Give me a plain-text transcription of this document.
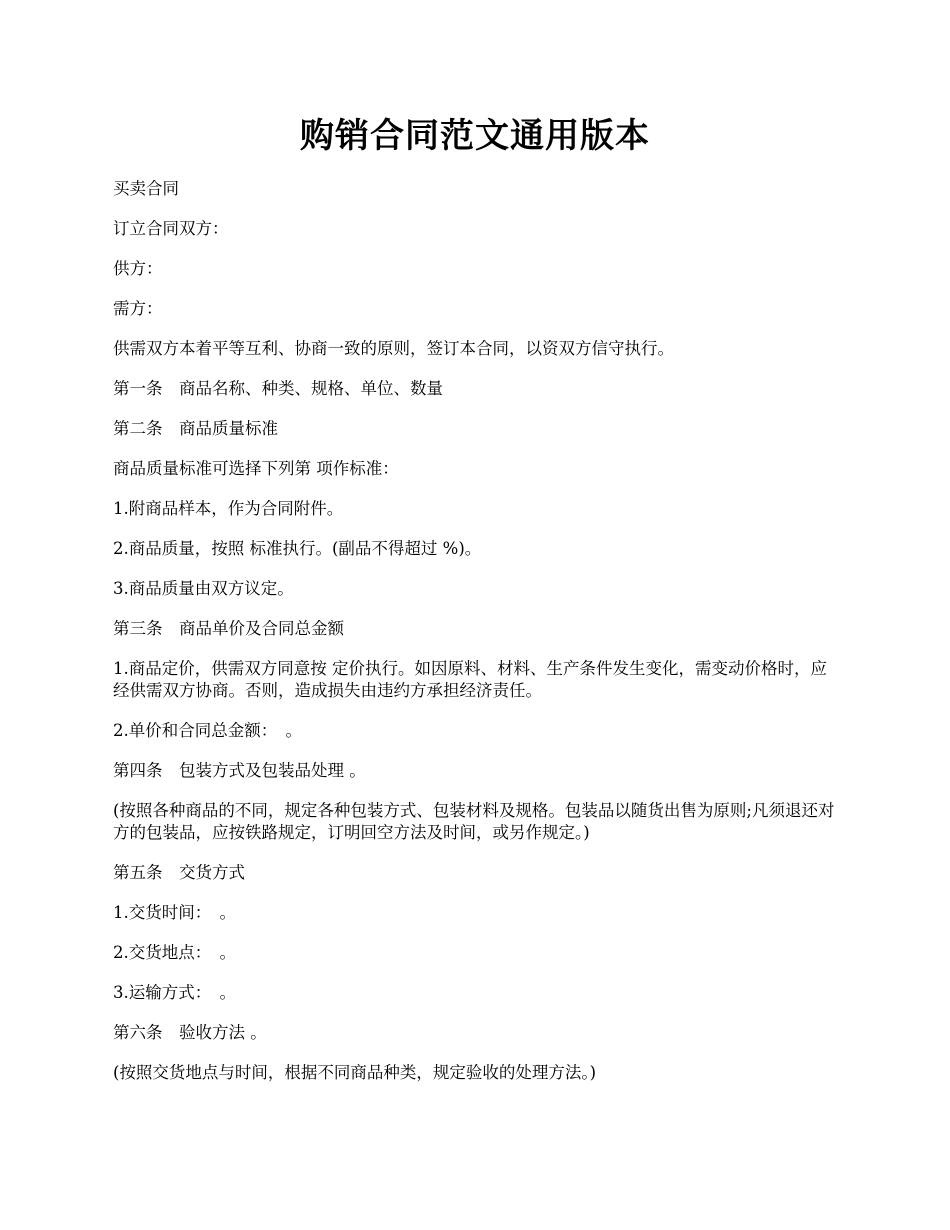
购销合同范文通用版本

买卖合同

订立合同双方：

供方：

需方：

供需双方本着平等互利、协商一致的原则，签订本合同，以资双方信守执行。

第一条　商品名称、种类、规格、单位、数量

第二条　商品质量标准

商品质量标准可选择下列第 项作标准：

1.附商品样本，作为合同附件。

2.商品质量，按照 标准执行。(副品不得超过 %)。

3.商品质量由双方议定。

第三条　商品单价及合同总金额

1.商品定价，供需双方同意按 定价执行。如因原料、材料、生产条件发生变化，需变动价格时，应经供需双方协商。否则，造成损失由违约方承担经济责任。

2.单价和合同总金额：　。

第四条　包装方式及包装品处理 。

(按照各种商品的不同，规定各种包装方式、包装材料及规格。包装品以随货出售为原则;凡须退还对方的包装品，应按铁路规定，订明回空方法及时间，或另作规定。)

第五条　交货方式

1.交货时间：　。

2.交货地点：　。

3.运输方式：　。

第六条　验收方法 。

(按照交货地点与时间，根据不同商品种类，规定验收的处理方法。)
